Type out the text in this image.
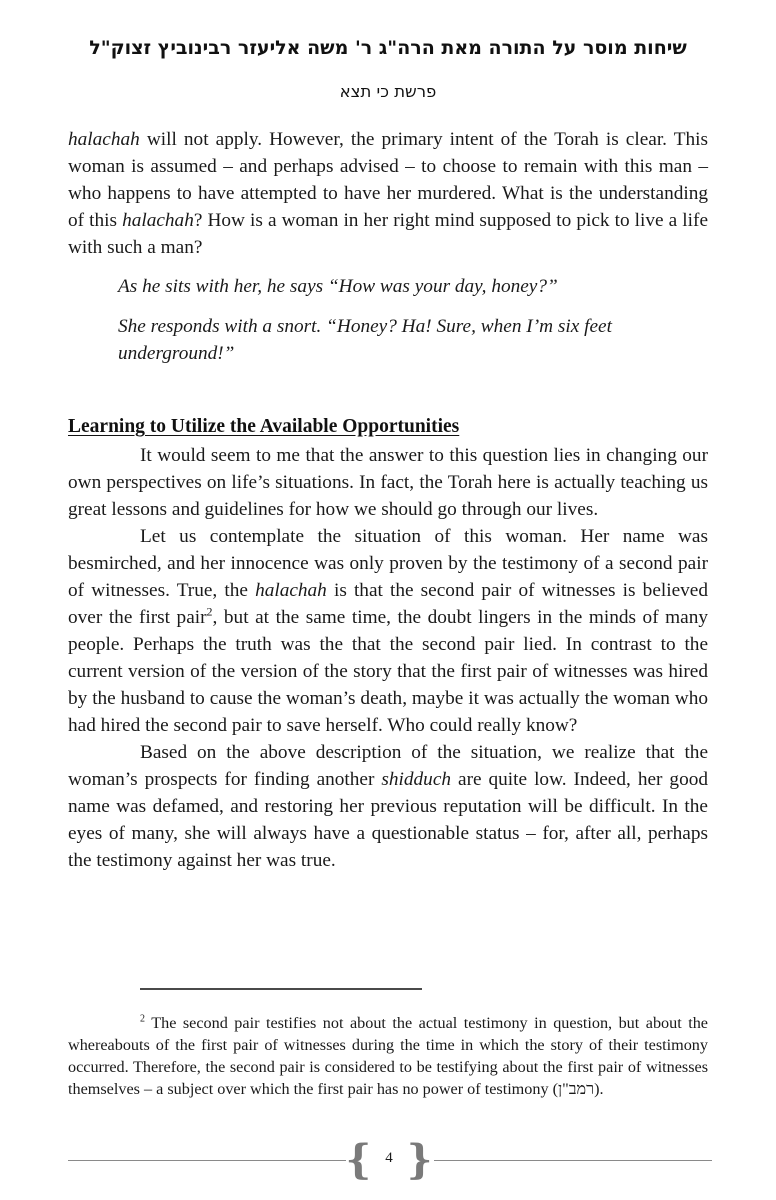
שיחות מוסר על התורה מאת הרה"ג ר' משה אליעזר רבינוביץ זצוק"ל
פרשת כי תצא

halachah will not apply. However, the primary intent of the Torah is clear. This woman is assumed – and perhaps advised – to choose to remain with this man – who happens to have attempted to have her murdered. What is the understanding of this halachah? How is a woman in her right mind supposed to pick to live a life with such a man?

As he sits with her, he says “How was your day, honey?”

She responds with a snort. “Honey? Ha! Sure, when I’m six feet underground!”

Learning to Utilize the Available Opportunities

It would seem to me that the answer to this question lies in changing our own perspectives on life’s situations. In fact, the Torah here is actually teaching us great lessons and guidelines for how we should go through our lives.

Let us contemplate the situation of this woman. Her name was besmirched, and her innocence was only proven by the testimony of a second pair of witnesses. True, the halachah is that the second pair of witnesses is believed over the first pair$^2$, but at the same time, the doubt lingers in the minds of many people. Perhaps the truth was the that the second pair lied. In contrast to the current version of the version of the story that the first pair of witnesses was hired by the husband to cause the woman’s death, maybe it was actually the woman who had hired the second pair to save herself. Who could really know?

Based on the above description of the situation, we realize that the woman’s prospects for finding another shidduch are quite low. Indeed, her good name was defamed, and restoring her previous reputation will be difficult. In the eyes of many, she will always have a questionable status – for, after all, perhaps the testimony against her was true.

$^2$ The second pair testifies not about the actual testimony in question, but about the whereabouts of the first pair of witnesses during the time in which the story of their testimony occurred. Therefore, the second pair is considered to be testifying about the first pair of witnesses themselves – a subject over which the first pair has no power of testimony (רמב"ן).

{ 4 }
